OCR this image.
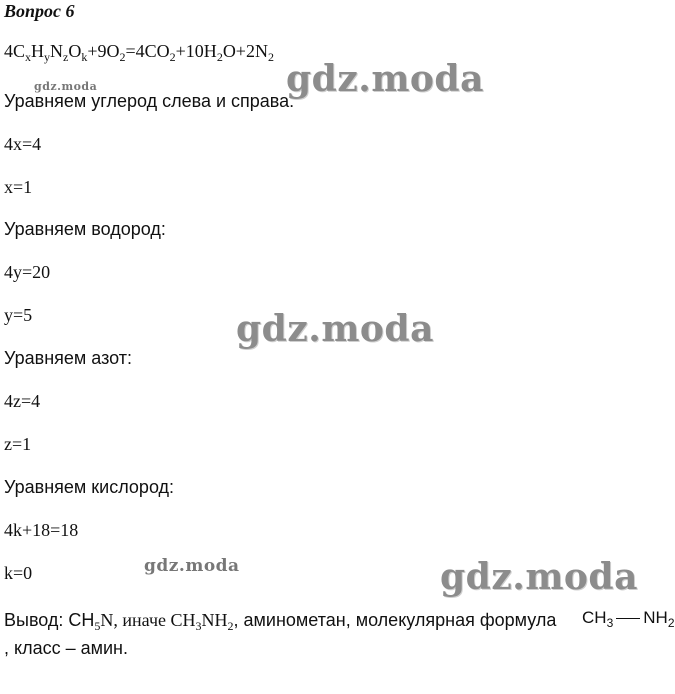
Вопрос 6
$4C_xH_yN_zO_k+9O_2=4CO_2+10H_2O+2N_2$
Уравняем углерод слева и справа:
4x=4
x=1
Уравняем водород:
4y=20
y=5
Уравняем азот:
4z=4
z=1
Уравняем кислород:
4k+18=18
k=0
Вывод: $CH_5N$, иначе $CH_3NH_2$, аминометан, молекулярная формула
, класс – амин.
$CH_3$ $NH_2$
gdz.moda
gdz.moda
gdz.moda
gdz.moda	gdz.moda
